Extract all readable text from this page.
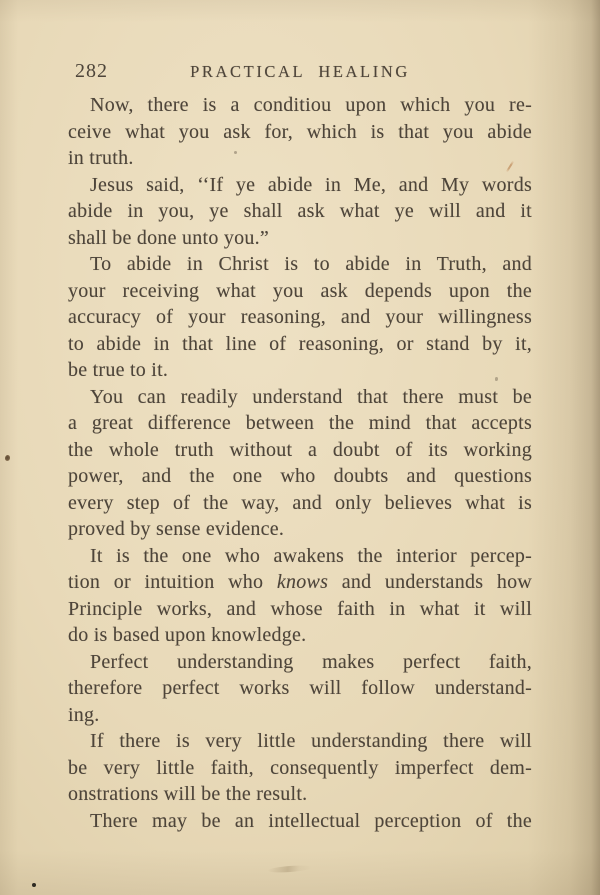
282	PRACTICAL HEALING
Now, there is a conditiou upon which you re-
ceive what you ask for, which is that you abide
in truth.
Jesus said, ‘‘If ye abide in Me, and My words
abide in you, ye shall ask what ye will and it
shall be done unto you.”
To abide in Christ is to abide in Truth, and
your receiving what you ask depends upon the
accuracy of your reasoning, and your willingness
to abide in that line of reasoning, or stand by it,
be true to it.
You can readily understand that there must be
a great difference between the mind that accepts
the whole truth without a doubt of its working
power, and the one who doubts and questions
every step of the way, and only believes what is
proved by sense evidence.
It is the one who awakens the interior percep-
tion or intuition who knows and understands how
Principle works, and whose faith in what it will
do is based upon knowledge.
Perfect understanding makes perfect faith,
therefore perfect works will follow understand-
ing.
If there is very little understanding there will
be very little faith, consequently imperfect dem-
onstrations will be the result.
There may be an intellectual perception of the
